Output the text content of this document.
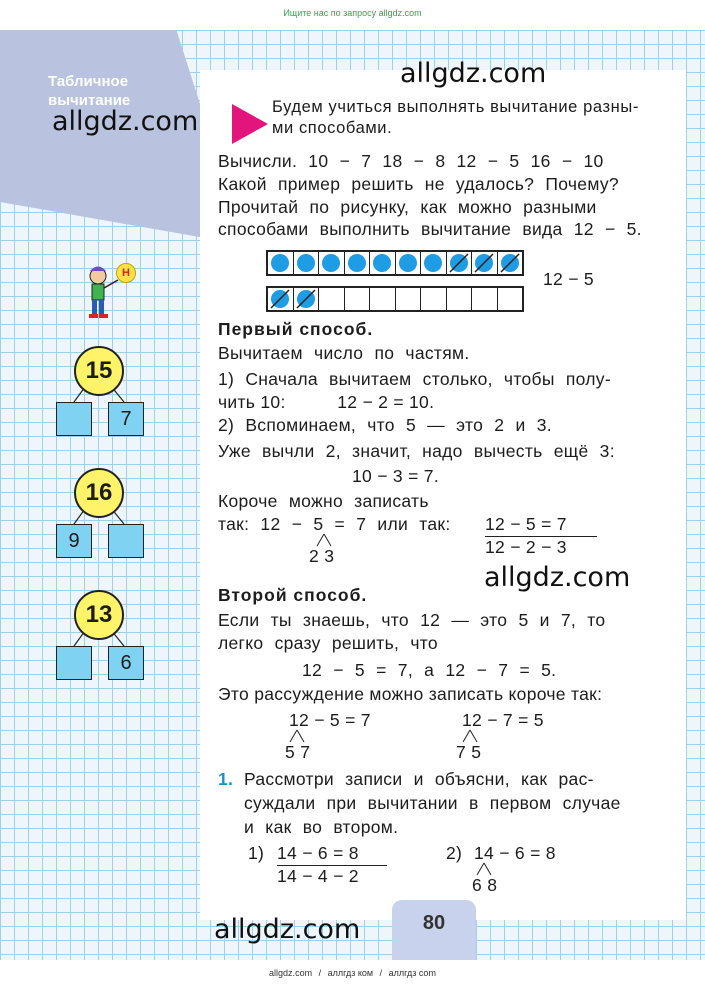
Ищите нас по запросу allgdz.com
Табличное вычитание
80
allgdz.com
allgdz.com
allgdz.com
allgdz.com
Будем учиться выполнять вычитание разны-
ми способами.
Вычисли. 10 − 7 18 − 8 12 − 5 16 − 10
Какой пример решить не удалось? Почему?
Прочитай по рисунку, как можно разными
способами выполнить вычитание вида 12 − 5.
12 − 5
Н
15
7
16
9
13
6
Первый способ.
Вычитаем число по частям.
1) Сначала вычитаем столько, чтобы полу-
чить 10:          12 − 2 = 10.
2) Вспоминаем, что 5 — это 2 и 3.
Уже вычли 2, значит, надо вычесть ещё 3:
10 − 3 = 7.
Короче можно записать
так: 12 − 5 = 7 или так:
2 3
12 − 5 = 7
12 − 2 − 3
Второй способ.
Если ты знаешь, что 12 — это 5 и 7, то
легко сразу решить, что
12 − 5 = 7, а 12 − 7 = 5.
Это рассуждение можно записать короче так:
12 − 5 = 7
5 7
12 − 7 = 5
7 5
1. Рассмотри записи и объясни, как рас-
суждали при вычитании в первом случае
и как во втором.
1) 14 − 6 = 8
14 − 4 − 2
2) 14 − 6 = 8
6 8
allgdz.com / аллгдз ком / аллгдз com
